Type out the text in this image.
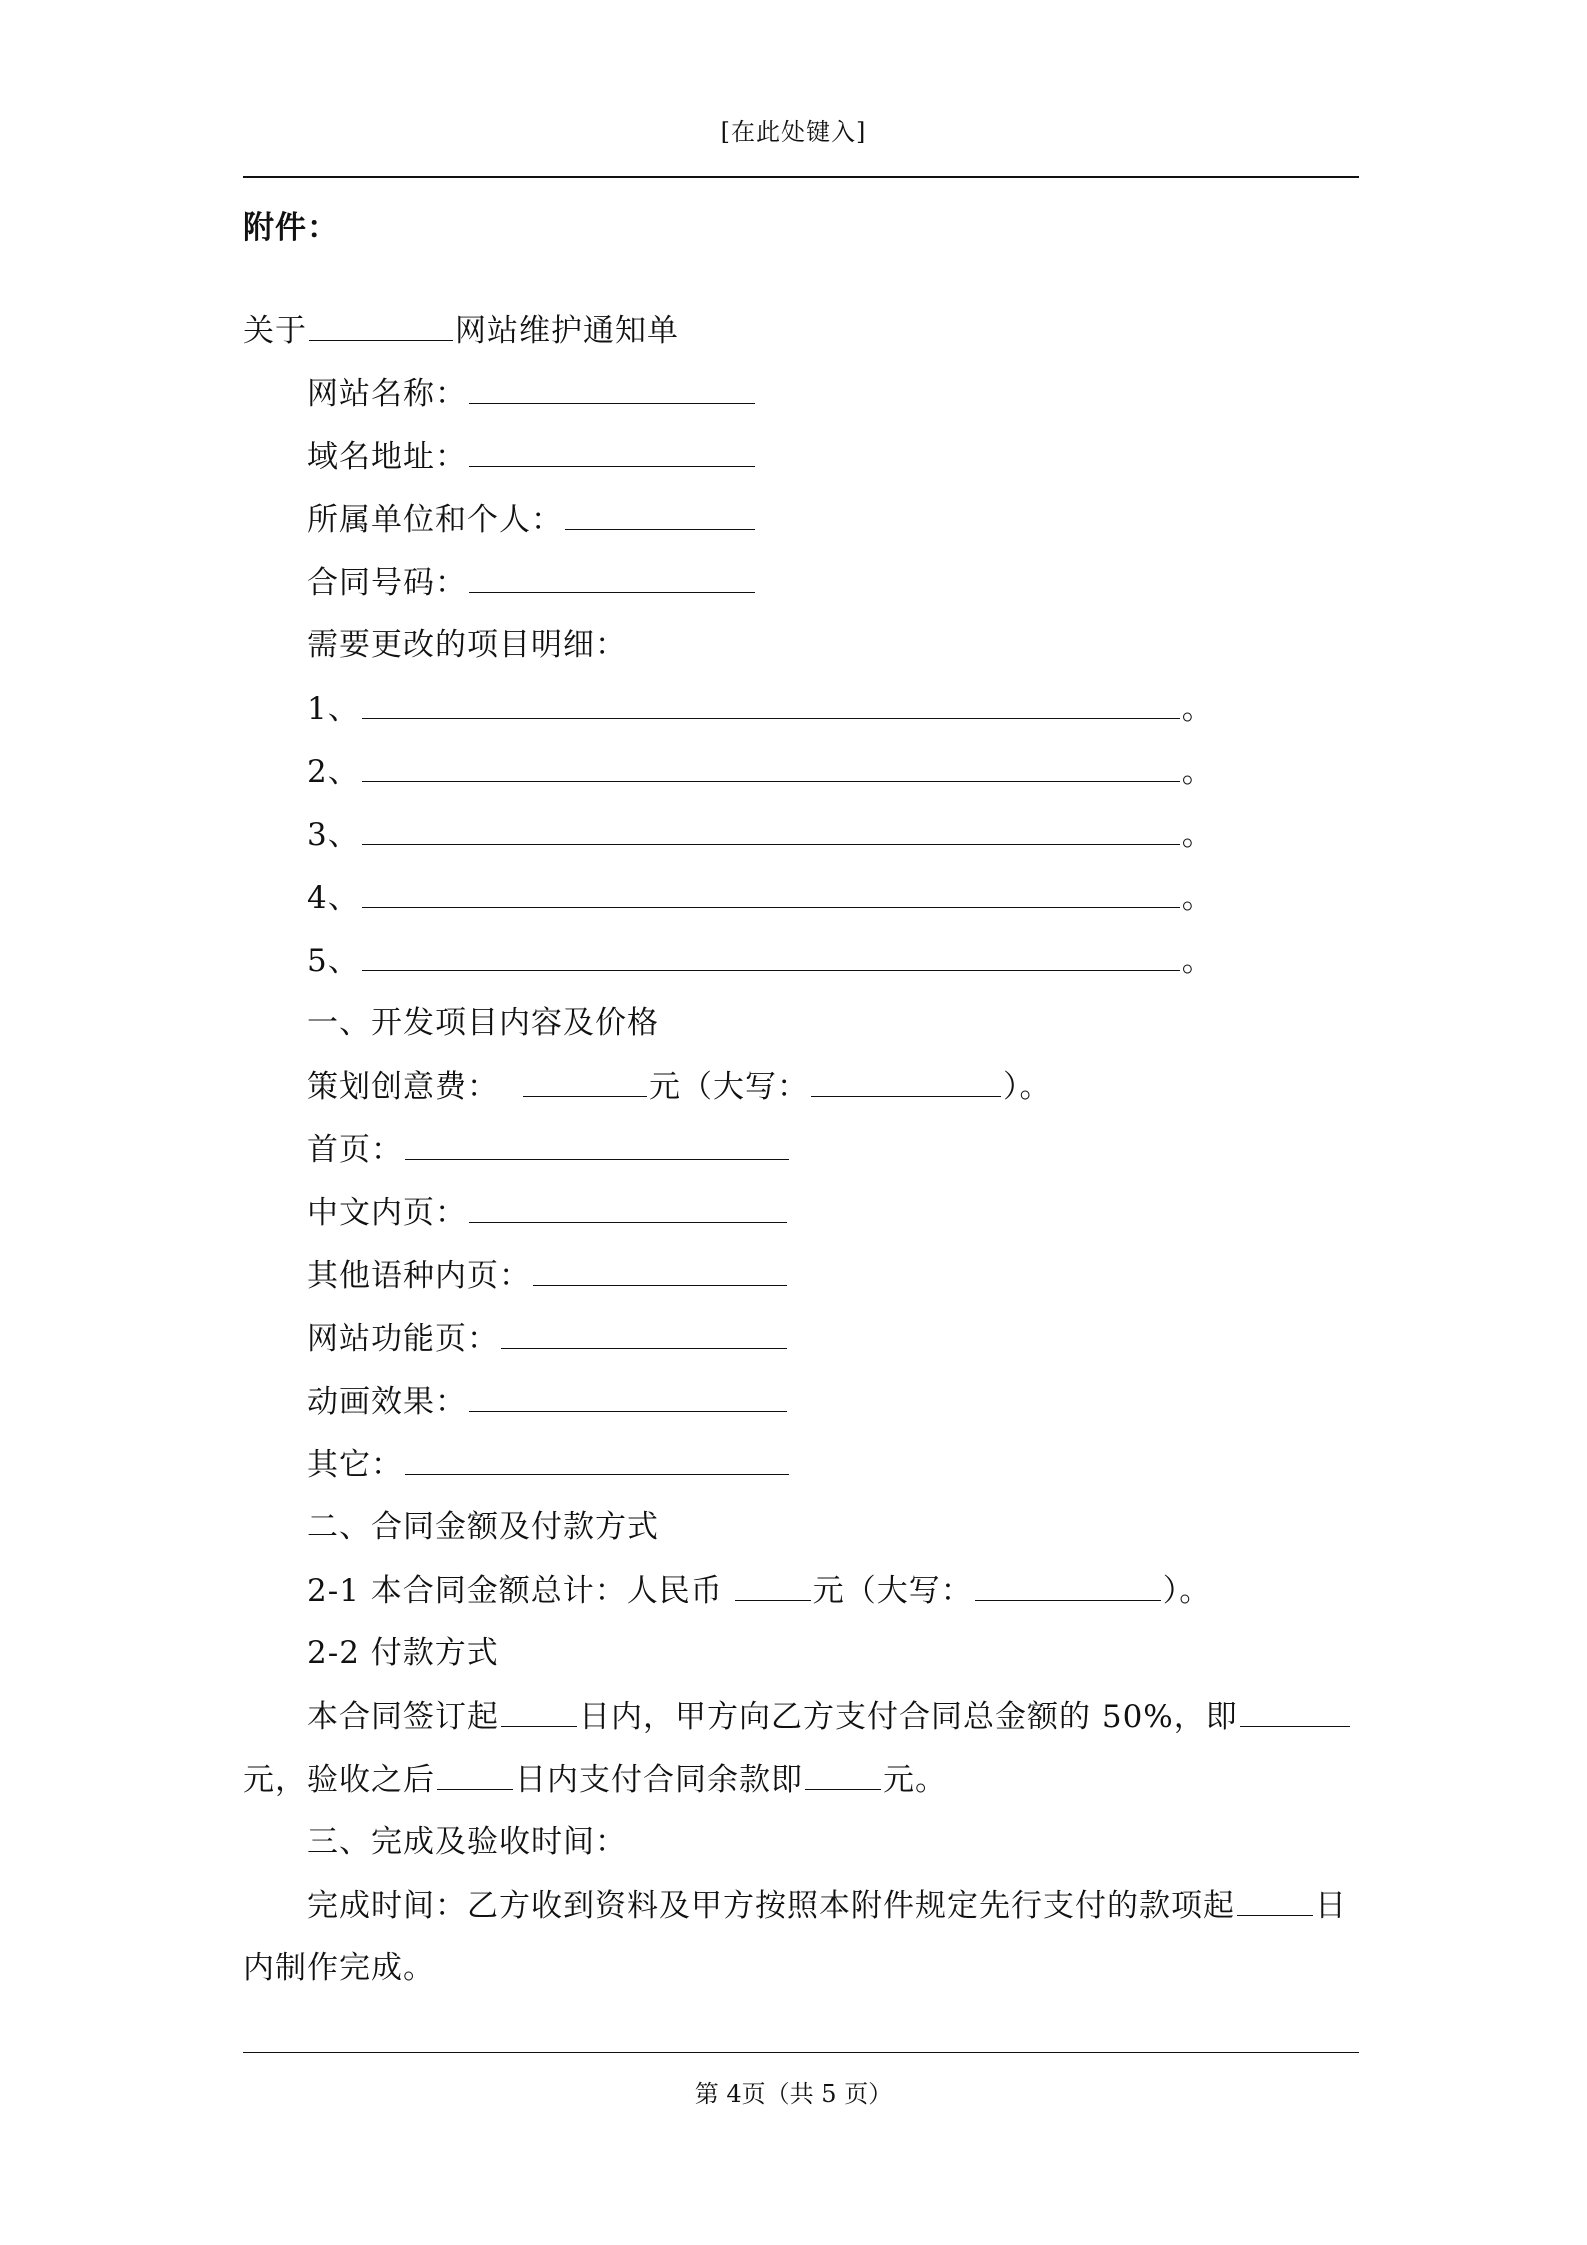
[在此处键入]
附件：
关于	网站维护通知单
网站名称：
域名地址：
所属单位和个人：
合同号码：
需要更改的项目明细：
1、	。
2、	。
3、	。
4、	。
5、	。
一、开发项目内容及价格
策划创意费：	元（大写：	）。
首页：
中文内页：
其他语种内页：
网站功能页：
动画效果：
其它：
二、合同金额及付款方式
2-1 本合同金额总计：人民币	元（大写：	）。
2-2 付款方式
本合同签订起	日内，甲方向乙方支付合同总金额的 50%，即
元，验收之后	日内支付合同余款即	元。
三、完成及验收时间：
完成时间：乙方收到资料及甲方按照本附件规定先行支付的款项起	日
内制作完成。
第 4页（共 5 页）
